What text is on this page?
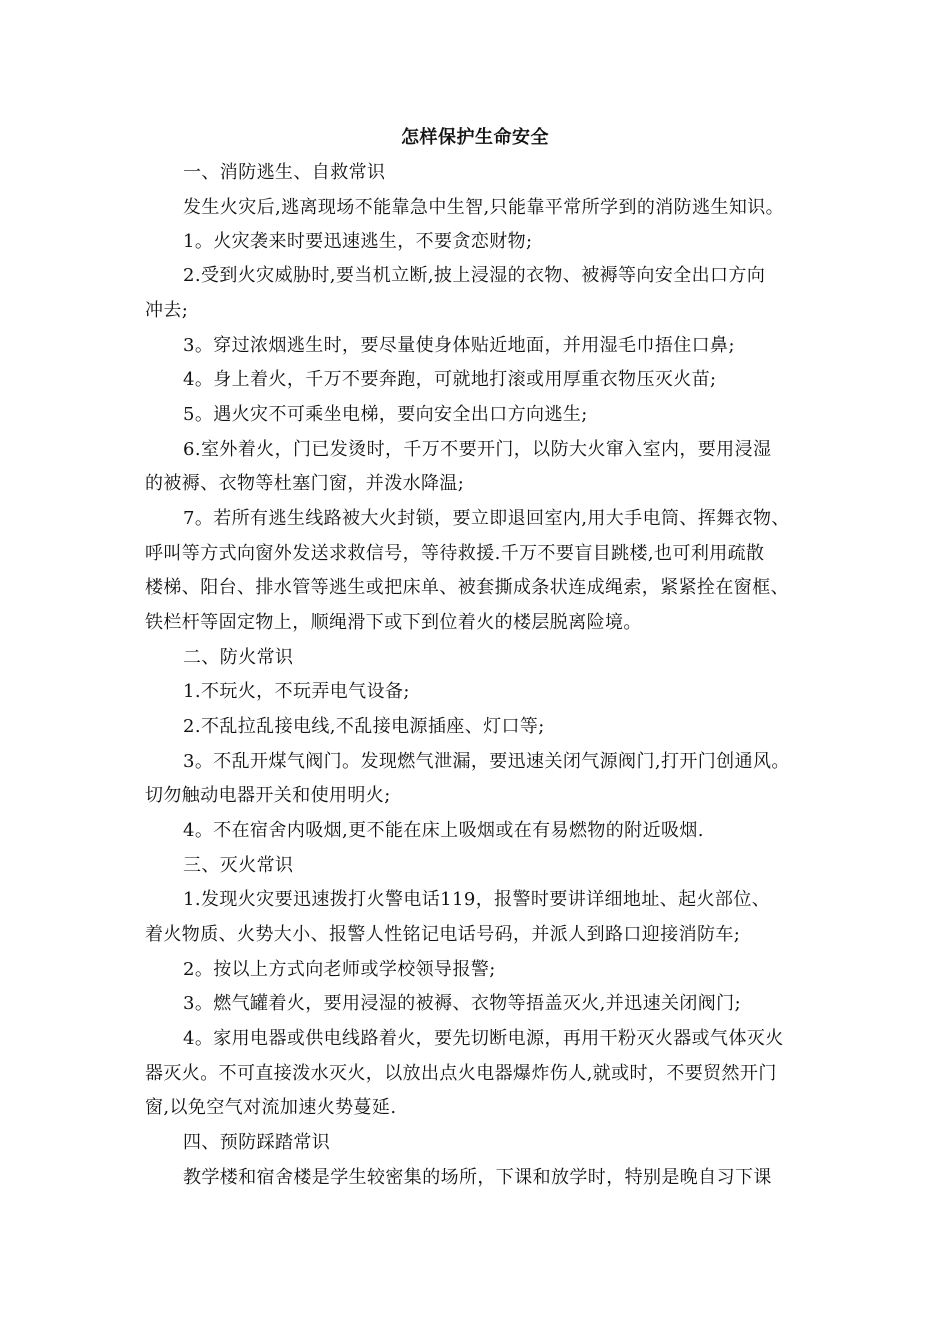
怎样保护生命安全
一、消防逃生、自救常识
发生火灾后,逃离现场不能靠急中生智,只能靠平常所学到的消防逃生知识。
1。火灾袭来时要迅速逃生，不要贪恋财物;
2.受到火灾威胁时,要当机立断,披上浸湿的衣物、被褥等向安全出口方向
冲去;
3。穿过浓烟逃生时，要尽量使身体贴近地面，并用湿毛巾捂住口鼻;
4。身上着火，千万不要奔跑，可就地打滚或用厚重衣物压灭火苗;
5。遇火灾不可乘坐电梯，要向安全出口方向逃生;
6.室外着火，门已发烫时，千万不要开门，以防大火窜入室内，要用浸湿
的被褥、衣物等杜塞门窗，并泼水降温;
7。若所有逃生线路被大火封锁，要立即退回室内,用大手电筒、挥舞衣物、
呼叫等方式向窗外发送求救信号，等待救援.千万不要盲目跳楼,也可利用疏散
楼梯、阳台、排水管等逃生或把床单、被套撕成条状连成绳索，紧紧拴在窗框、
铁栏杆等固定物上，顺绳滑下或下到位着火的楼层脱离险境。
二、防火常识
1.不玩火，不玩弄电气设备;
2.不乱拉乱接电线,不乱接电源插座、灯口等;
3。不乱开煤气阀门。发现燃气泄漏，要迅速关闭气源阀门,打开门创通风。
切勿触动电器开关和使用明火;
4。不在宿舍内吸烟,更不能在床上吸烟或在有易燃物的附近吸烟.
三、灭火常识
1.发现火灾要迅速拨打火警电话119，报警时要讲详细地址、起火部位、
着火物质、火势大小、报警人性铭记电话号码，并派人到路口迎接消防车;
2。按以上方式向老师或学校领导报警;
3。燃气罐着火，要用浸湿的被褥、衣物等捂盖灭火,并迅速关闭阀门;
4。家用电器或供电线路着火，要先切断电源，再用干粉灭火器或气体灭火
器灭火。不可直接泼水灭火，以放出点火电器爆炸伤人,就或时，不要贸然开门
窗,以免空气对流加速火势蔓延.
四、预防踩踏常识
教学楼和宿舍楼是学生较密集的场所，下课和放学时，特别是晚自习下课
